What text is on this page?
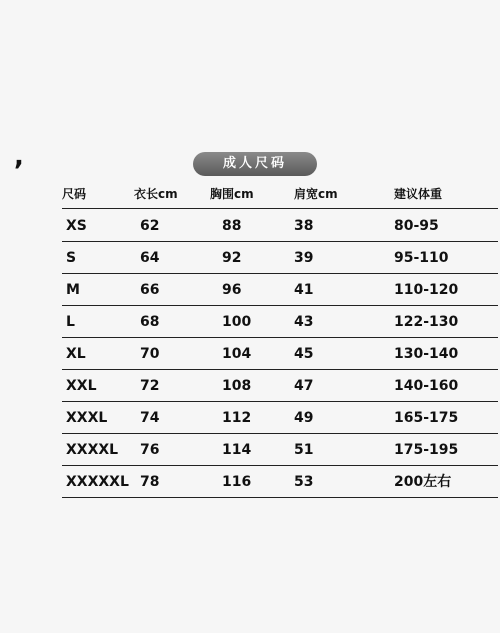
,	成人尺码
尺码	衣长cm	胸围cm	肩宽cm	建议体重
XS	62	88	38	80-95
S	64	92	39	95-110
M	66	96	41	110-120
L	68	100	43	122-130
XL	70	104	45	130-140
XXL	72	108	47	140-160
XXXL 74	112	49	165-175
XXXXL 76	114	51	175-195
XXXXXL 78	116	53	200左右
